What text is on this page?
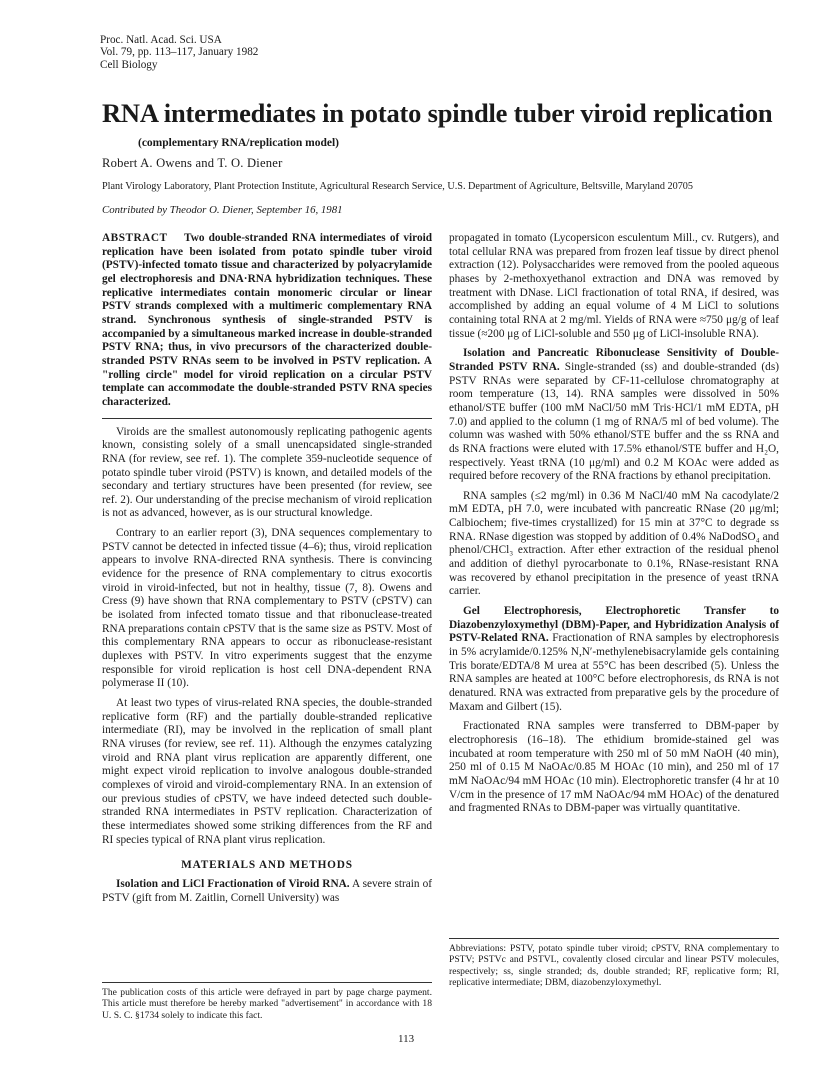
Proc. Natl. Acad. Sci. USA
Vol. 79, pp. 113–117, January 1982
Cell Biology
RNA intermediates in potato spindle tuber viroid replication
(complementary RNA/replication model)
Robert A. Owens and T. O. Diener
Plant Virology Laboratory, Plant Protection Institute, Agricultural Research Service, U.S. Department of Agriculture, Beltsville, Maryland 20705
Contributed by Theodor O. Diener, September 16, 1981

ABSTRACT Two double-stranded RNA intermediates of viroid replication have been isolated from potato spindle tuber viroid (PSTV)-infected tomato tissue and characterized by polyacrylamide gel electrophoresis and DNA·RNA hybridization techniques. These replicative intermediates contain monomeric circular or linear PSTV strands complexed with a multimeric complementary RNA strand. Synchronous synthesis of single-stranded PSTV is accompanied by a simultaneous marked increase in double-stranded PSTV RNA; thus, in vivo precursors of the characterized double-stranded PSTV RNAs seem to be involved in PSTV replication. A "rolling circle" model for viroid replication on a circular PSTV template can accommodate the double-stranded PSTV RNA species characterized.

Viroids are the smallest autonomously replicating pathogenic agents known, consisting solely of a small unencapsidated single-stranded RNA (for review, see ref. 1). The complete 359-nucleotide sequence of potato spindle tuber viroid (PSTV) is known, and detailed models of the secondary and tertiary structures have been presented (for review, see ref. 2). Our understanding of the precise mechanism of viroid replication is not as advanced, however, as is our structural knowledge.

Contrary to an earlier report (3), DNA sequences complementary to PSTV cannot be detected in infected tissue (4–6); thus, viroid replication appears to involve RNA-directed RNA synthesis. There is convincing evidence for the presence of RNA complementary to citrus exocortis viroid in viroid-infected, but not in healthy, tissue (7, 8). Owens and Cress (9) have shown that RNA complementary to PSTV (cPSTV) can be isolated from infected tomato tissue and that ribonuclease-treated RNA preparations contain cPSTV that is the same size as PSTV. Most of this complementary RNA appears to occur as ribonuclease-resistant duplexes with PSTV. In vitro experiments suggest that the enzyme responsible for viroid replication is host cell DNA-dependent RNA polymerase II (10).

At least two types of virus-related RNA species, the double-stranded replicative form (RF) and the partially double-stranded replicative intermediate (RI), may be involved in the replication of small plant RNA viruses (for review, see ref. 11). Although the enzymes catalyzing viroid and RNA plant virus replication are apparently different, one might expect viroid replication to involve analogous double-stranded complexes of viroid and viroid-complementary RNA. In an extension of our previous studies of cPSTV, we have indeed detected such double-stranded RNA intermediates in PSTV replication. Characterization of these intermediates showed some striking differences from the RF and RI species typical of RNA plant virus replication.

MATERIALS AND METHODS

Isolation and LiCl Fractionation of Viroid RNA. A severe strain of PSTV (gift from M. Zaitlin, Cornell University) was

propagated in tomato (Lycopersicon esculentum Mill., cv. Rutgers), and total cellular RNA was prepared from frozen leaf tissue by direct phenol extraction (12). Polysaccharides were removed from the pooled aqueous phases by 2-methoxyethanol extraction and DNA was removed by treatment with DNase. LiCl fractionation of total RNA, if desired, was accomplished by adding an equal volume of 4 M LiCl to solutions containing total RNA at 2 mg/ml. Yields of RNA were ≈750 μg/g of leaf tissue (≈200 μg of LiCl-soluble and 550 μg of LiCl-insoluble RNA).

Isolation and Pancreatic Ribonuclease Sensitivity of Double-Stranded PSTV RNA. Single-stranded (ss) and double-stranded (ds) PSTV RNAs were separated by CF-11-cellulose chromatography at room temperature (13, 14). RNA samples were dissolved in 50% ethanol/STE buffer (100 mM NaCl/50 mM Tris·HCl/1 mM EDTA, pH 7.0) and applied to the column (1 mg of RNA/5 ml of bed volume). The column was washed with 50% ethanol/STE buffer and the ss RNA and ds RNA fractions were eluted with 17.5% ethanol/STE buffer and H₂O, respectively. Yeast tRNA (10 μg/ml) and 0.2 M KOAc were added as required before recovery of the RNA fractions by ethanol precipitation.

RNA samples (≤2 mg/ml) in 0.36 M NaCl/40 mM Na cacodylate/2 mM EDTA, pH 7.0, were incubated with pancreatic RNase (20 μg/ml; Calbiochem; five-times crystallized) for 15 min at 37°C to degrade ss RNA. RNase digestion was stopped by addition of 0.4% NaDodSO₄ and phenol/CHCl₃ extraction. After ether extraction of the residual phenol and addition of diethyl pyrocarbonate to 0.1%, RNase-resistant RNA was recovered by ethanol precipitation in the presence of yeast tRNA carrier.

Gel Electrophoresis, Electrophoretic Transfer to Diazobenzyloxymethyl (DBM)-Paper, and Hybridization Analysis of PSTV-Related RNA. Fractionation of RNA samples by electrophoresis in 5% acrylamide/0.125% N,N′-methylenebisacrylamide gels containing Tris borate/EDTA/8 M urea at 55°C has been described (5). Unless the RNA samples are heated at 100°C before electrophoresis, ds RNA is not denatured. RNA was extracted from preparative gels by the procedure of Maxam and Gilbert (15).

Fractionated RNA samples were transferred to DBM-paper by electrophoresis (16–18). The ethidium bromide-stained gel was incubated at room temperature with 250 ml of 50 mM NaOH (40 min), 250 ml of 0.15 M NaOAc/0.85 M HOAc (10 min), and 250 ml of 17 mM NaOAc/94 mM HOAc (10 min). Electrophoretic transfer (4 hr at 10 V/cm in the presence of 17 mM NaOAc/94 mM HOAc) of the denatured and fragmented RNAs to DBM-paper was virtually quantitative.

The publication costs of this article were defrayed in part by page charge payment. This article must therefore be hereby marked "advertisement" in accordance with 18 U. S. C. §1734 solely to indicate this fact.

Abbreviations: PSTV, potato spindle tuber viroid; cPSTV, RNA complementary to PSTV; PSTVc and PSTVL, covalently closed circular and linear PSTV molecules, respectively; ss, single stranded; ds, double stranded; RF, replicative form; RI, replicative intermediate; DBM, diazobenzyloxymethyl.

113
